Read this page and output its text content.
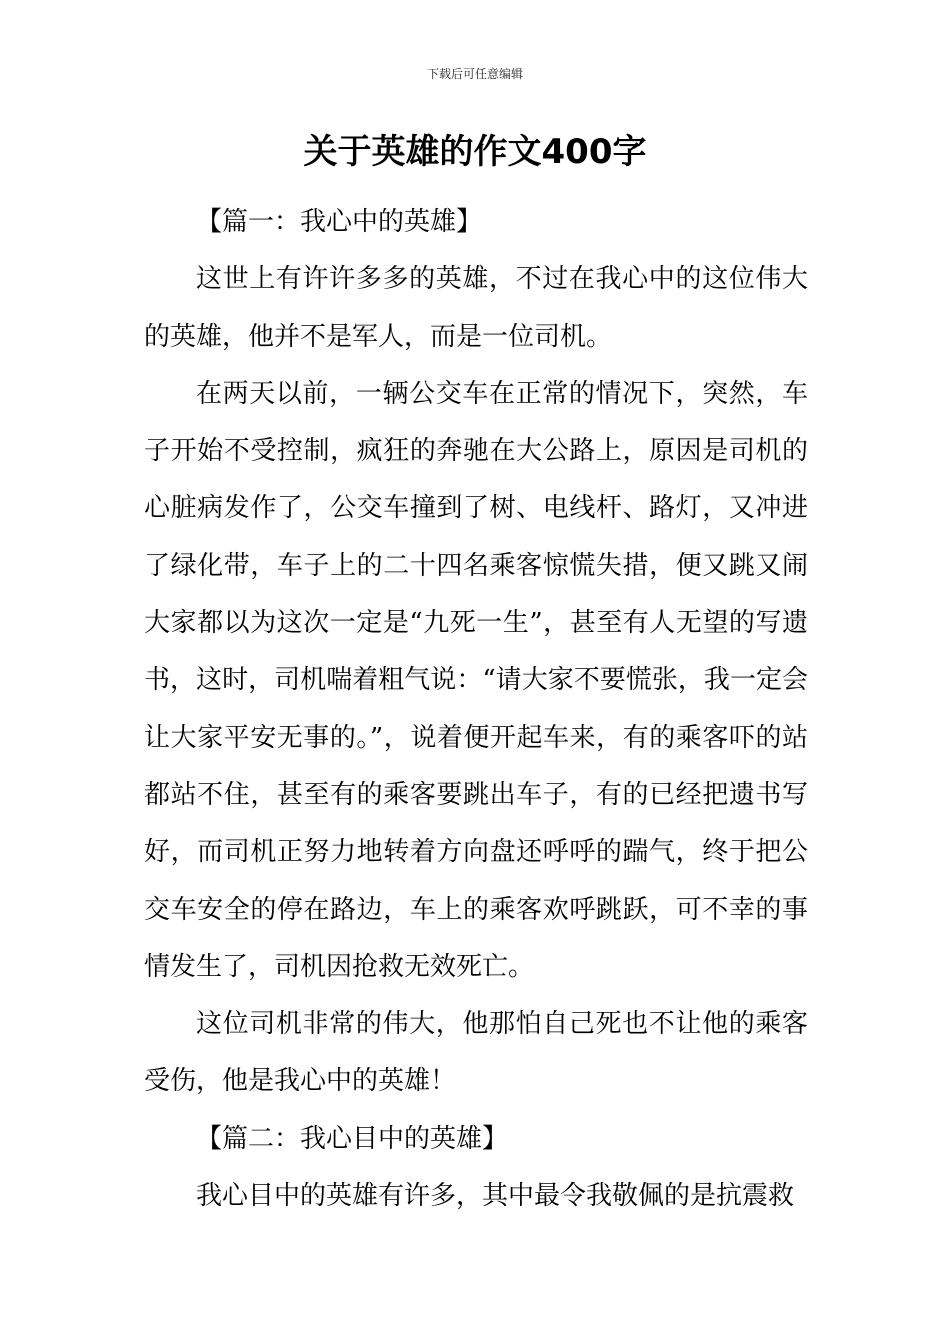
下载后可任意编辑
关于英雄的作文400字

【篇一：我心中的英雄】

这世上有许许多多的英雄，不过在我心中的这位伟大的英雄，他并不是军人，而是一位司机。

在两天以前，一辆公交车在正常的情况下，突然，车子开始不受控制，疯狂的奔驰在大公路上，原因是司机的心脏病发作了，公交车撞到了树、电线杆、路灯，又冲进了绿化带，车子上的二十四名乘客惊慌失措，便又跳又闹大家都以为这次一定是“九死一生”，甚至有人无望的写遗书，这时，司机喘着粗气说：“请大家不要慌张，我一定会让大家平安无事的。”，说着便开起车来，有的乘客吓的站都站不住，甚至有的乘客要跳出车子，有的已经把遗书写好，而司机正努力地转着方向盘还呼呼的踹气，终于把公交车安全的停在路边，车上的乘客欢呼跳跃，可不幸的事情发生了，司机因抢救无效死亡。

这位司机非常的伟大，他那怕自己死也不让他的乘客受伤，他是我心中的英雄！

【篇二：我心目中的英雄】

我心目中的英雄有许多，其中最令我敬佩的是抗震救
